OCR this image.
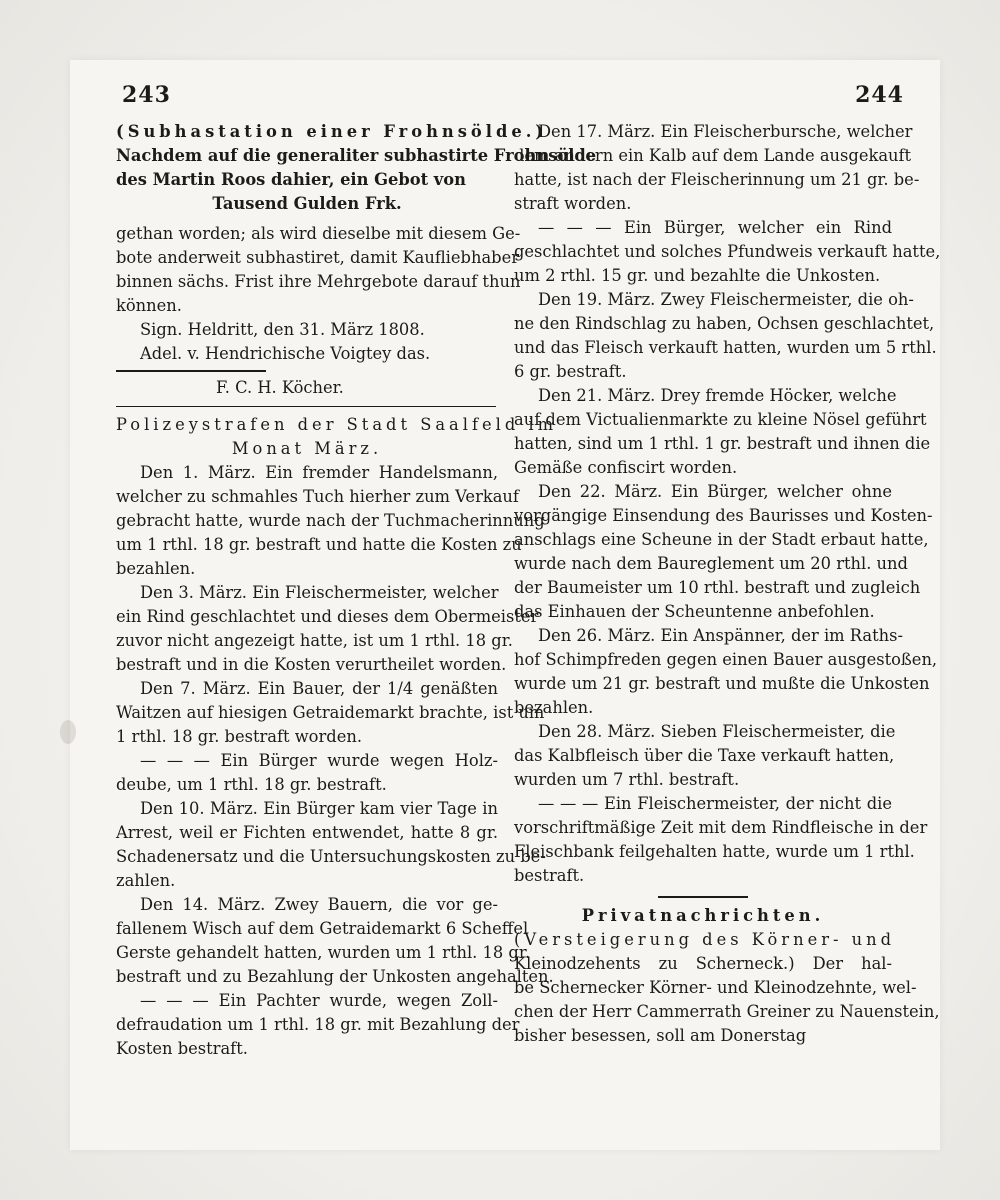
243	244
(Subhastation einer Frohnsölde.)
Nachdem auf die generaliter subhastirte Frohnsölde
des Martin Roos dahier, ein Gebot von
Tausend Gulden Frk.
gethan worden; als wird dieselbe mit diesem Ge-
bote anderweit subhastiret, damit Kaufliebhaber
binnen sächs. Frist ihre Mehrgebote darauf thun
können.
Sign. Heldritt, den 31. März 1808.
Adel. v. Hendrichische Voigtey das.
F. C. H. Köcher.
Polizeystrafen der Stadt Saalfeld im
Monat März.
Den 1. März. Ein fremder Handelsmann,
welcher zu schmahles Tuch hierher zum Verkauf
gebracht hatte, wurde nach der Tuchmacherinnung
um 1 rthl. 18 gr. bestraft und hatte die Kosten zu
bezahlen.
Den 3. März. Ein Fleischermeister, welcher
ein Rind geschlachtet und dieses dem Obermeister
zuvor nicht angezeigt hatte, ist um 1 rthl. 18 gr.
bestraft und in die Kosten verurtheilet worden.
Den 7. März. Ein Bauer, der 1/4 genäßten
Waitzen auf hiesigen Getraidemarkt brachte, ist um
1 rthl. 18 gr. bestraft worden.
— — — Ein Bürger wurde wegen Holz-
deube, um 1 rthl. 18 gr. bestraft.
Den 10. März. Ein Bürger kam vier Tage in
Arrest, weil er Fichten entwendet, hatte 8 gr.
Schadenersatz und die Untersuchungskosten zu be-
zahlen.
Den 14. März. Zwey Bauern, die vor ge-
fallenem Wisch auf dem Getraidemarkt 6 Scheffel
Gerste gehandelt hatten, wurden um 1 rthl. 18 gr.
bestraft und zu Bezahlung der Unkosten angehalten.
— — — Ein Pachter wurde, wegen Zoll-
defraudation um 1 rthl. 18 gr. mit Bezahlung der
Kosten bestraft.
Den 17. März. Ein Fleischerbursche, welcher
dem andern ein Kalb auf dem Lande ausgekauft
hatte, ist nach der Fleischerinnung um 21 gr. be-
straft worden.
— — — Ein Bürger, welcher ein Rind
geschlachtet und solches Pfundweis verkauft hatte,
um 2 rthl. 15 gr. und bezahlte die Unkosten.
Den 19. März. Zwey Fleischermeister, die oh-
ne den Rindschlag zu haben, Ochsen geschlachtet,
und das Fleisch verkauft hatten, wurden um 5 rthl.
6 gr. bestraft.
Den 21. März. Drey fremde Höcker, welche
auf dem Victualienmarkte zu kleine Nösel geführt
hatten, sind um 1 rthl. 1 gr. bestraft und ihnen die
Gemäße confiscirt worden.
Den 22. März. Ein Bürger, welcher ohne
vorgängige Einsendung des Baurisses und Kosten-
anschlags eine Scheune in der Stadt erbaut hatte,
wurde nach dem Baureglement um 20 rthl. und
der Baumeister um 10 rthl. bestraft und zugleich
das Einhauen der Scheuntenne anbefohlen.
Den 26. März. Ein Anspänner, der im Raths-
hof Schimpfreden gegen einen Bauer ausgestoßen,
wurde um 21 gr. bestraft und mußte die Unkosten
bezahlen.
Den 28. März. Sieben Fleischermeister, die
das Kalbfleisch über die Taxe verkauft hatten,
wurden um 7 rthl. bestraft.
— — — Ein Fleischermeister, der nicht die
vorschriftmäßige Zeit mit dem Rindfleische in der
Fleischbank feilgehalten hatte, wurde um 1 rthl.
bestraft.
Privatnachrichten.
(Versteigerung des Körner- und
Kleinodzehents zu Scherneck.) Der hal-
be Schernecker Körner- und Kleinodzehnte, wel-
chen der Herr Cammerrath Greiner zu Nauenstein,
bisher besessen, soll am Donerstag
